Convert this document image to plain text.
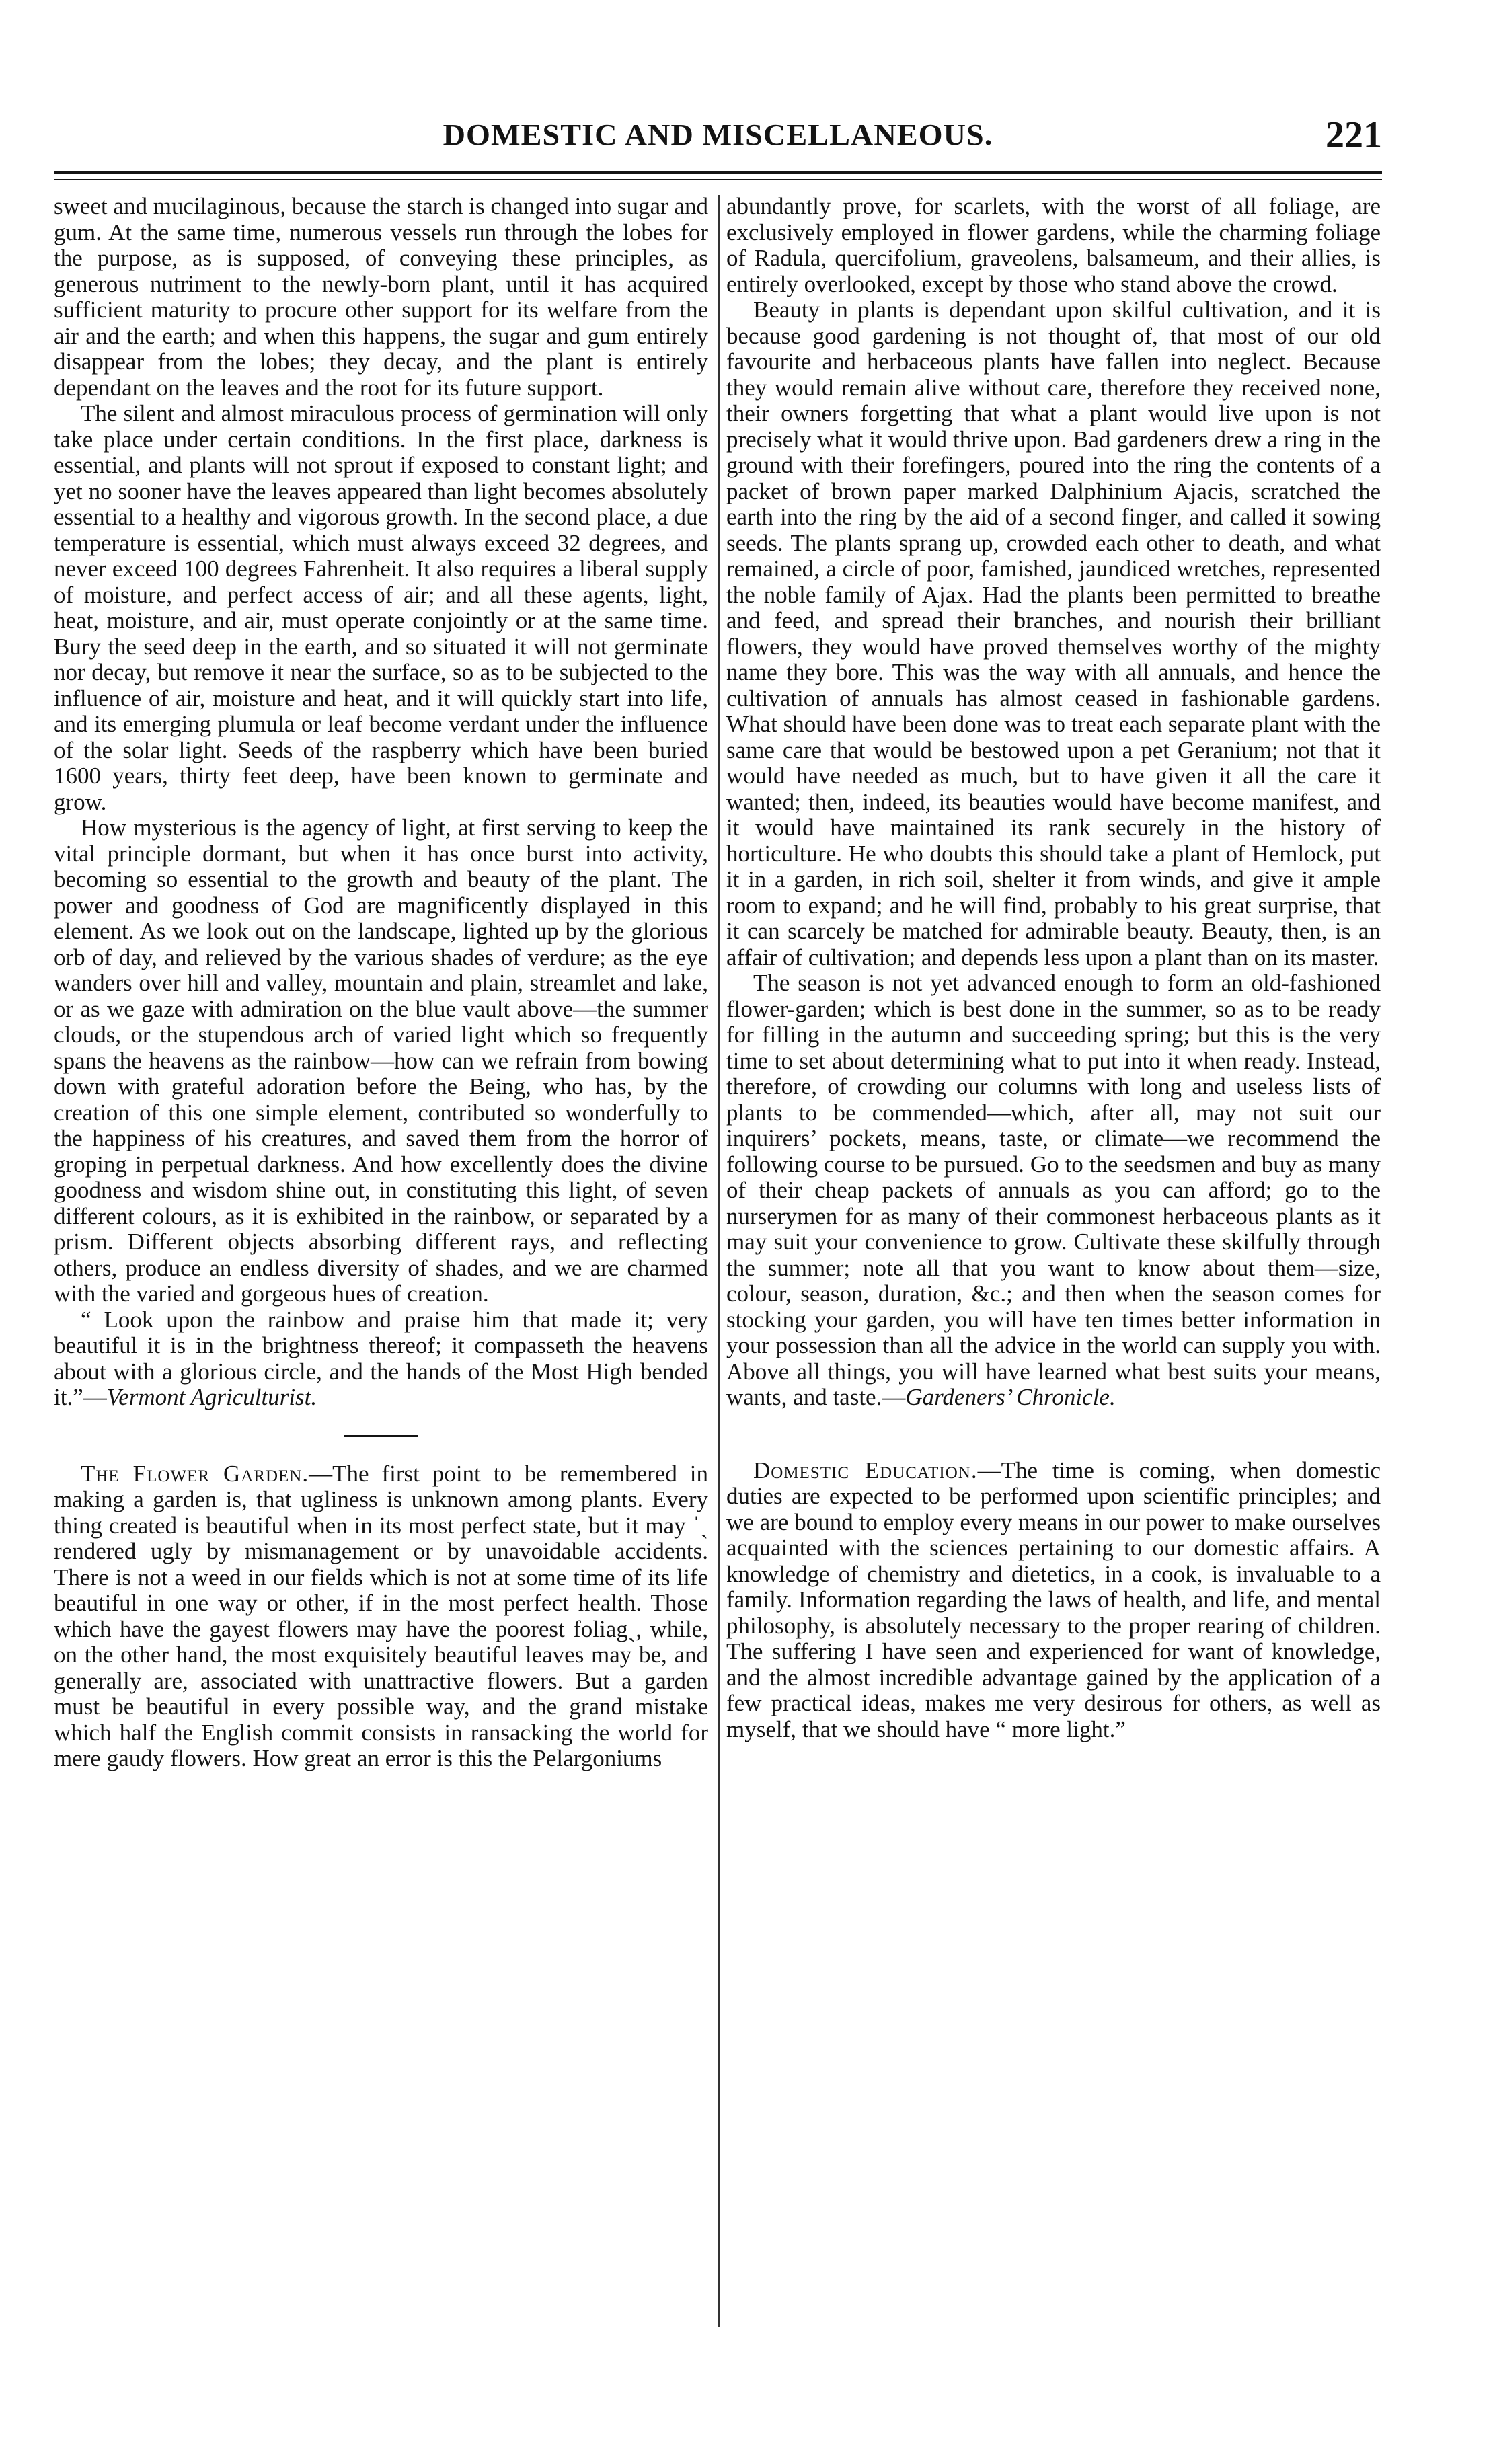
DOMESTIC AND MISCELLANEOUS.	221

sweet and mucilaginous, because the starch is changed into sugar and gum. At the same time, numerous vessels run through the lobes for the purpose, as is supposed, of conveying these principles, as generous nutriment to the newly-born plant, until it has acquired sufficient maturity to procure other support for its welfare from the air and the earth; and when this happens, the sugar and gum entirely disappear from the lobes; they decay, and the plant is entirely dependant on the leaves and the root for its future support.

The silent and almost miraculous process of germination will only take place under certain conditions. In the first place, darkness is essential, and plants will not sprout if exposed to constant light; and yet no sooner have the leaves appeared than light becomes absolutely essential to a healthy and vigorous growth. In the second place, a due temperature is essential, which must always exceed 32 degrees, and never exceed 100 degrees Fahrenheit. It also requires a liberal supply of moisture, and perfect access of air; and all these agents, light, heat, moisture, and air, must operate conjointly or at the same time. Bury the seed deep in the earth, and so situated it will not germinate nor decay, but remove it near the surface, so as to be subjected to the influence of air, moisture and heat, and it will quickly start into life, and its emerging plumula or leaf become verdant under the influence of the solar light. Seeds of the raspberry which have been buried 1600 years, thirty feet deep, have been known to germinate and grow.

How mysterious is the agency of light, at first serving to keep the vital principle dormant, but when it has once burst into activity, becoming so essential to the growth and beauty of the plant. The power and goodness of God are magnificently displayed in this element. As we look out on the landscape, lighted up by the glorious orb of day, and relieved by the various shades of verdure; as the eye wanders over hill and valley, mountain and plain, streamlet and lake, or as we gaze with admiration on the blue vault above—the summer clouds, or the stupendous arch of varied light which so frequently spans the heavens as the rainbow—how can we refrain from bowing down with grateful adoration before the Being, who has, by the creation of this one simple element, contributed so wonderfully to the happiness of his creatures, and saved them from the horror of groping in perpetual darkness. And how excellently does the divine goodness and wisdom shine out, in constituting this light, of seven different colours, as it is exhibited in the rainbow, or separated by a prism. Different objects absorbing different rays, and reflecting others, produce an endless diversity of shades, and we are charmed with the varied and gorgeous hues of creation.

“ Look upon the rainbow and praise him that made it; very beautiful it is in the brightness thereof; it compasseth the heavens about with a glorious circle, and the hands of the Most High bended it.”—Vermont Agriculturist.

The Flower Garden.—The first point to be remembered in making a garden is, that ugliness is unknown among plants. Every thing created is beautiful when in its most perfect state, but it may ˈˎ rendered ugly by mismanagement or by unavoidable accidents. There is not a weed in our fields which is not at some time of its life beautiful in one way or other, if in the most perfect health. Those which have the gayest flowers may have the poorest foliagˎ, while, on the other hand, the most exquisitely beautiful leaves may be, and generally are, associated with unattractive flowers. But a garden must be beautiful in every possible way, and the grand mistake which half the English commit consists in ransacking the world for mere gaudy flowers. How great an error is this the Pelargoniums

abundantly prove, for scarlets, with the worst of all foliage, are exclusively employed in flower gardens, while the charming foliage of Radula, quercifolium, graveolens, balsameum, and their allies, is entirely overlooked, except by those who stand above the crowd.

Beauty in plants is dependant upon skilful cultivation, and it is because good gardening is not thought of, that most of our old favourite and herbaceous plants have fallen into neglect. Because they would remain alive without care, therefore they received none, their owners forgetting that what a plant would live upon is not precisely what it would thrive upon. Bad gardeners drew a ring in the ground with their forefingers, poured into the ring the contents of a packet of brown paper marked Dalphinium Ajacis, scratched the earth into the ring by the aid of a second finger, and called it sowing seeds. The plants sprang up, crowded each other to death, and what remained, a circle of poor, famished, jaundiced wretches, represented the noble family of Ajax. Had the plants been permitted to breathe and feed, and spread their branches, and nourish their brilliant flowers, they would have proved themselves worthy of the mighty name they bore. This was the way with all annuals, and hence the cultivation of annuals has almost ceased in fashionable gardens. What should have been done was to treat each separate plant with the same care that would be bestowed upon a pet Geranium; not that it would have needed as much, but to have given it all the care it wanted; then, indeed, its beauties would have become manifest, and it would have maintained its rank securely in the history of horticulture. He who doubts this should take a plant of Hemlock, put it in a garden, in rich soil, shelter it from winds, and give it ample room to expand; and he will find, probably to his great surprise, that it can scarcely be matched for admirable beauty. Beauty, then, is an affair of cultivation; and depends less upon a plant than on its master.

The season is not yet advanced enough to form an old-fashioned flower-garden; which is best done in the summer, so as to be ready for filling in the autumn and succeeding spring; but this is the very time to set about determining what to put into it when ready. Instead, therefore, of crowding our columns with long and useless lists of plants to be commended—which, after all, may not suit our inquirers’ pockets, means, taste, or climate—we recommend the following course to be pursued. Go to the seedsmen and buy as many of their cheap packets of annuals as you can afford; go to the nurserymen for as many of their commonest herbaceous plants as it may suit your convenience to grow. Cultivate these skilfully through the summer; note all that you want to know about them—size, colour, season, duration, &c.; and then when the season comes for stocking your garden, you will have ten times better information in your possession than all the advice in the world can supply you with. Above all things, you will have learned what best suits your means, wants, and taste.—Gardeners’ Chronicle.

Domestic Education.—The time is coming, when domestic duties are expected to be performed upon scientific principles; and we are bound to employ every means in our power to make ourselves acquainted with the sciences pertaining to our domestic affairs. A knowledge of chemistry and dietetics, in a cook, is invaluable to a family. Information regarding the laws of health, and life, and mental philosophy, is absolutely necessary to the proper rearing of children. The suffering I have seen and experienced for want of knowledge, and the almost incredible advantage gained by the application of a few practical ideas, makes me very desirous for others, as well as myself, that we should have “ more light.”
